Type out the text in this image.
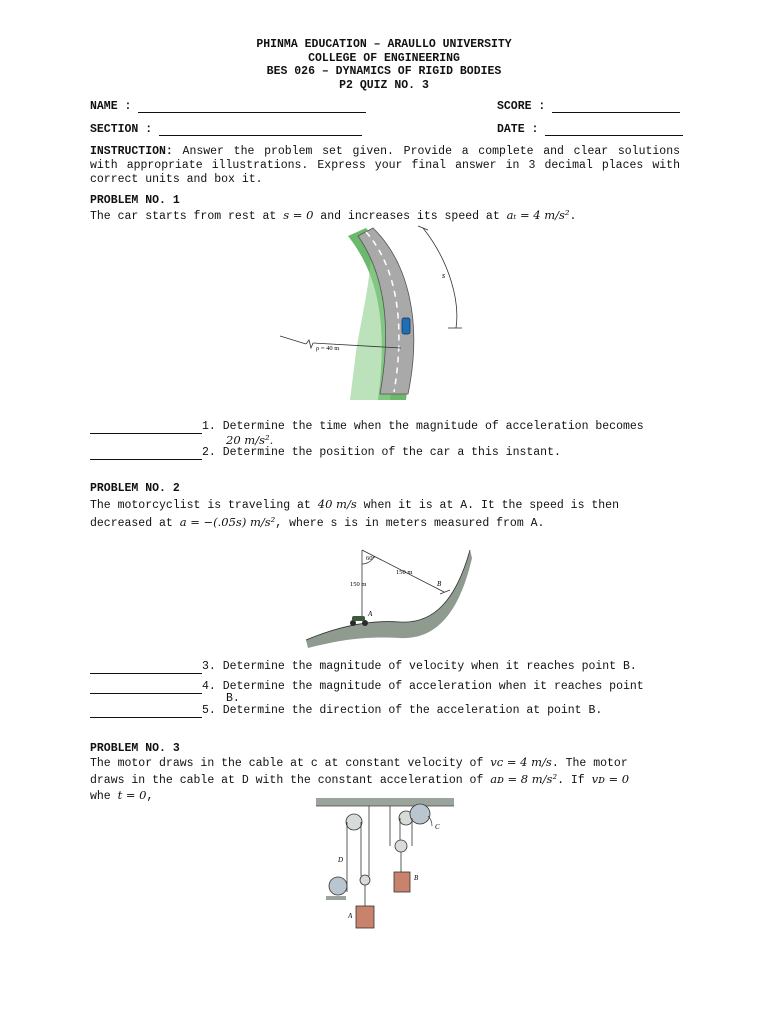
PHINMA EDUCATION – ARAULLO UNIVERSITY
COLLEGE OF ENGINEERING
BES 026 – DYNAMICS OF RIGID BODIES
P2 QUIZ NO. 3
NAME :	SCORE :
SECTION :	DATE :
INSTRUCTION: Answer the problem set given. Provide a complete and clear solutions with appropriate illustrations. Express your final answer in 3 decimal places with correct units and box it.
PROBLEM NO. 1
The car starts from rest at s = 0 and increases its speed at aₜ = 4 m/s².
s
ρ = 40 m
1. Determine the time when the magnitude of acceleration becomes
20 m/s².
2. Determine the position of the car a this instant.
PROBLEM NO. 2
The motorcyclist is traveling at 40 m/s when it is at A. It the speed is then
decreased at a = −(.05s) m/s², where s is in meters measured from A.
60°
150 m
150 m
A
B
3. Determine the magnitude of velocity when it reaches point B.
4. Determine the magnitude of acceleration when it reaches point
B.
5. Determine the direction of the acceleration at point B.
PROBLEM NO. 3
The motor draws in the cable at c at constant velocity of vᴄ = 4 m/s. The motor
draws in the cable at D with the constant acceleration of aᴅ = 8 m/s². If vᴅ = 0
whe t = 0,
C
D
A
B
